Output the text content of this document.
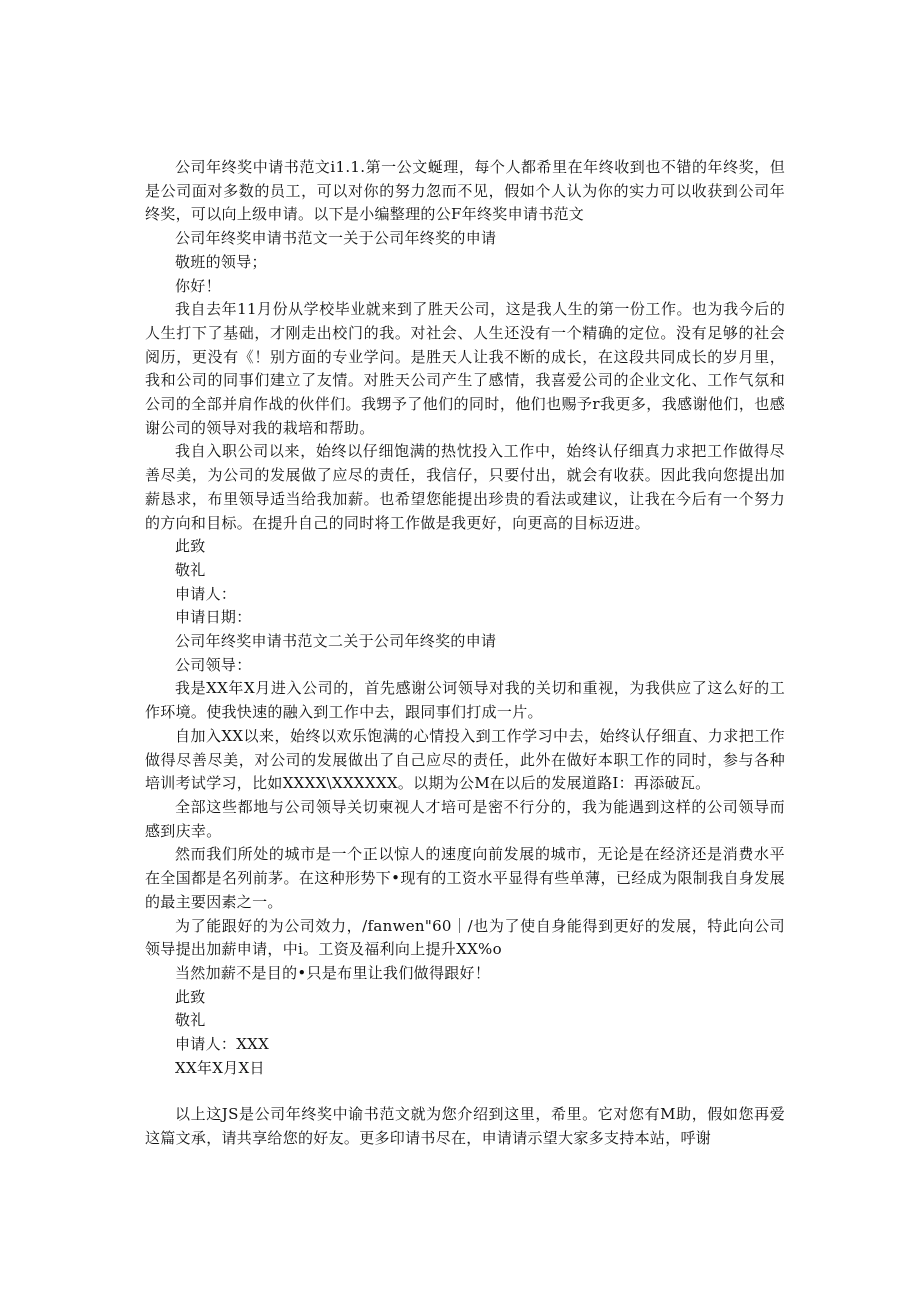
公司年终奖中请书范文i1.1.第一公文蜒理，每个人都希里在年终收到也不错的年终奖，但是公司面对多数的员工，可以对你的努力忽而不见，假如个人认为你的实力可以收获到公司年终奖，可以向上级申请。以下是小编整理的公F年终奖申请书范文

公司年终奖申请书范文一关于公司年终奖的申请

敬班的领导；

你好！

我自去年11月份从学校毕业就来到了胜天公司，这是我人生的第一份工作。也为我今后的人生打下了基础，才刚走出校门的我。对社会、人生还没有一个精确的定位。没有足够的社会阅历，更没有《！别方面的专业学问。是胜天人让我不断的成长，在这段共同成长的岁月里，我和公司的同事们建立了友情。对胜天公司产生了感情，我喜爱公司的企业文化、工作气氛和公司的全部并肩作战的伙伴们。我甥予了他们的同时，他们也赐予r我更多，我感谢他们，也感谢公司的领导对我的栽培和帮助。

我自入职公司以来，始终以仔细饱满的热忱投入工作中，始终认仔细真力求把工作做得尽善尽美，为公司的发展做了应尽的责任，我信仔，只要付出，就会有收获。因此我向您提出加薪恳求，布里领导适当给我加薪。也希望您能提出珍贵的看法或建议，让我在今后有一个努力的方向和目标。在提升自己的同时将工作做是我更好，向更高的目标迈进。

此致

敬礼

申请人：

申请日期：

公司年终奖申请书范文二关于公司年终奖的申请

公司领导：

我是XX年X月进入公司的，首先感谢公诃领导对我的关切和重视，为我供应了这么好的工作环境。使我快速的融入到工作中去，跟同事们打成一片。

自加入XX以来，始终以欢乐饱满的心情投入到工作学习中去，始终认仔细直、力求把工作做得尽善尽美，对公司的发展做出了自己应尽的责任，此外在做好本职工作的同时，参与各种培训考试学习，比如XXXX\XXXXXX。以期为公M在以后的发展道路I：再添破瓦。

全部这些都地与公司领导关切柬视人才培可是密不行分的，我为能遇到这样的公司领导而感到庆幸。

然而我们所处的城市是一个正以惊人的速度向前发展的城市，无论是在经济还是消费水平在全国都是名列前茅。在这种形势下•现有的工资水平显得有些单薄，已经成为限制我自身发展的最主要因素之一。

为了能跟好的为公司效力，/fanwen"60｜/也为了使自身能得到更好的发展，特此向公司领导提出加薪申请，中i。工资及福利向上提升XX%o

当然加薪不是目的•只是布里让我们做得跟好！

此致

敬礼

申请人：XXX

XX年X月X日

以上这JS是公司年终奖中谕书范文就为您介绍到这里，希里。它对您有M助，假如您再爱这篇文承，请共享给您的好友。更多印请书尽在，申请请示望大家多支持本站，呼谢
